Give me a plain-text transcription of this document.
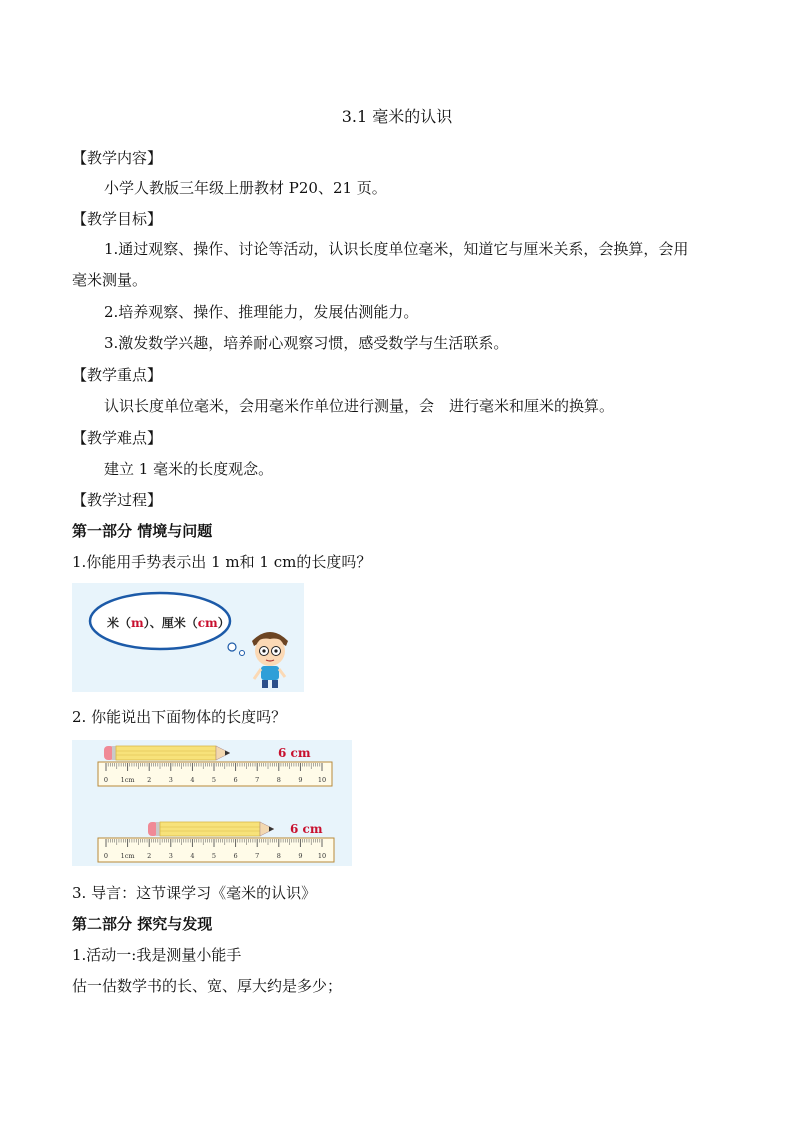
3.1 毫米的认识
【教学内容】
小学人教版三年级上册教材 P20、21 页。
【教学目标】
1.通过观察、操作、讨论等活动，认识长度单位毫米，知道它与厘米关系，会换算，会用
毫米测量。
2.培养观察、操作、推理能力，发展估测能力。
3.激发数学兴趣，培养耐心观察习惯，感受数学与生活联系。
【教学重点】
认识长度单位毫米，会用毫米作单位进行测量，会　进行毫米和厘米的换算。
【教学难点】
建立 1 毫米的长度观念。
【教学过程】
第一部分 情境与问题
1.你能用手势表示出 1 m和 1 cm的长度吗？
米（m）、厘米（cm）
2. 你能说出下面物体的长度吗？
6 cm
1cm 2	3	4	5	6	7	8	9 10
0
6 cm
1cm 2	3	4	5	6	7	8	9 10
0
3. 导言：这节课学习《毫米的认识》
第二部分 探究与发现
1.活动一:我是测量小能手
估一估数学书的长、宽、厚大约是多少；
